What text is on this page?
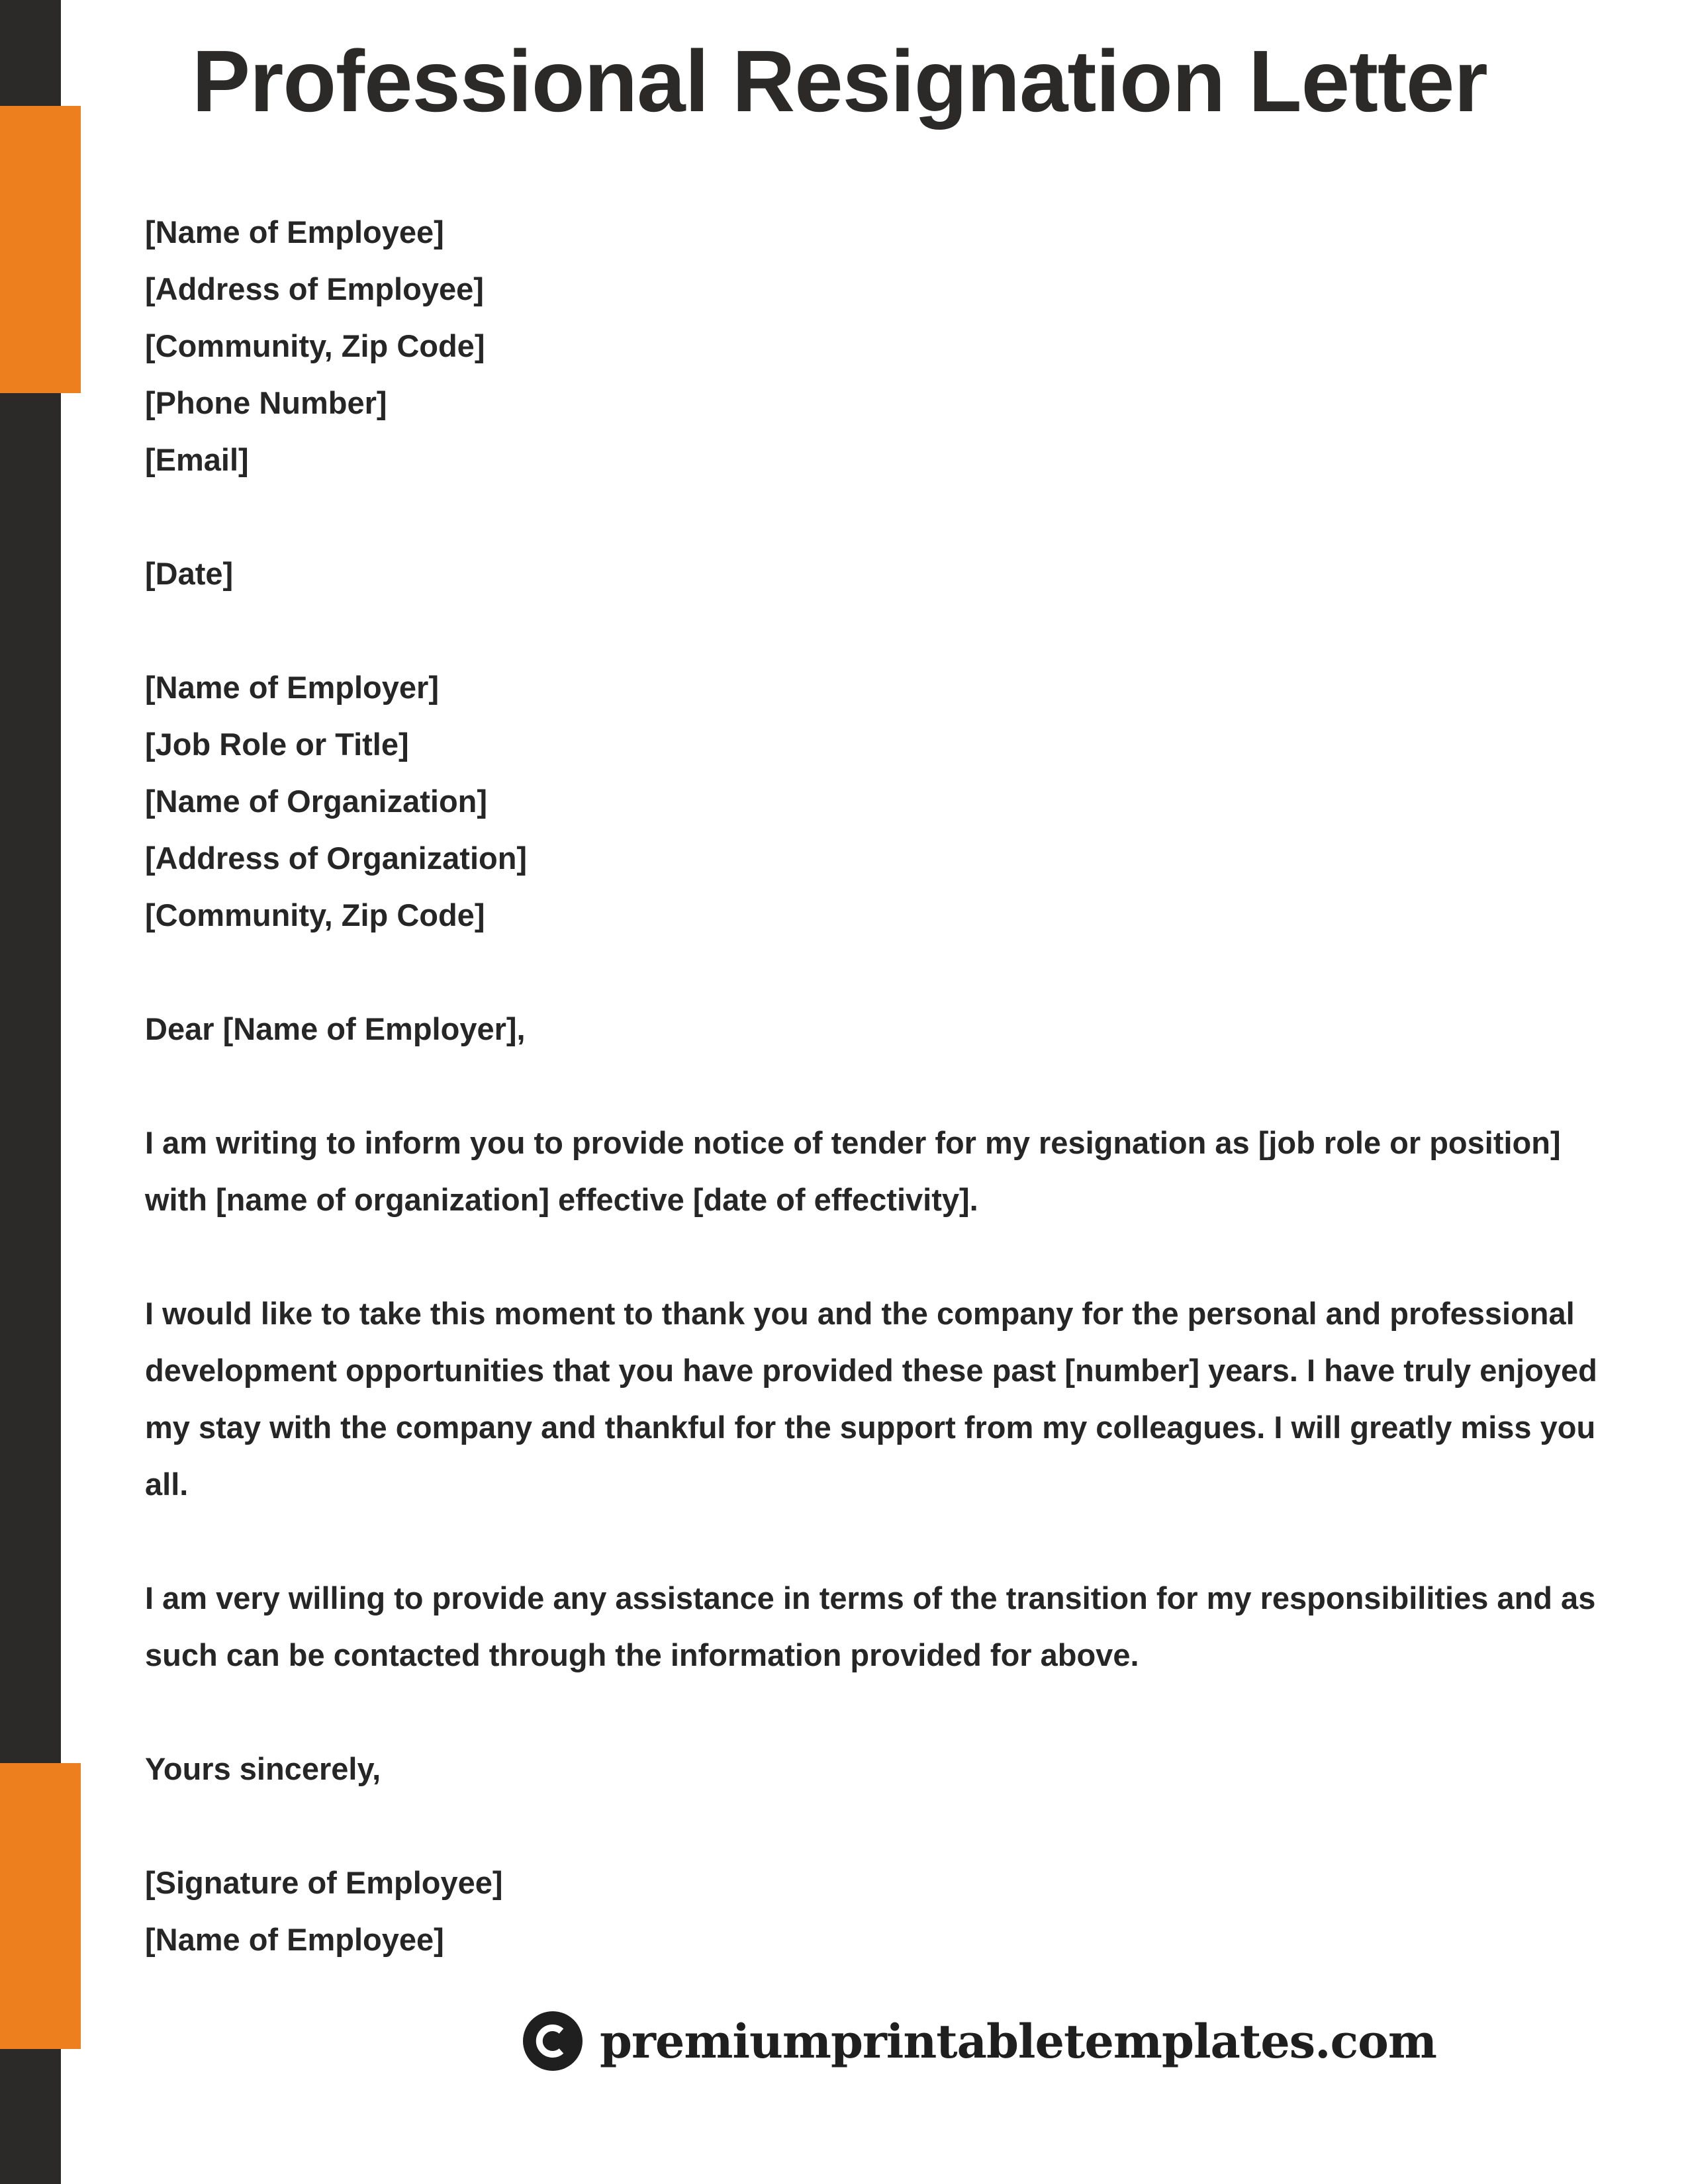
Professional Resignation Letter
[Name of Employee]
[Address of Employee]
[Community, Zip Code]
[Phone Number]
[Email]
[Date]
[Name of Employer]
[Job Role or Title]
[Name of Organization]
[Address of Organization]
[Community, Zip Code]
Dear [Name of Employer],
I am writing to inform you to provide notice of tender for my resignation as [job role or position]
with [name of organization] effective [date of effectivity].
I would like to take this moment to thank you and the company for the personal and professional
development opportunities that you have provided these past [number] years. I have truly enjoyed
my stay with the company and thankful for the support from my colleagues. I will greatly miss you
all.
I am very willing to provide any assistance in terms of the transition for my responsibilities and as
such can be contacted through the information provided for above.
Yours sincerely,
[Signature of Employee]
[Name of Employee]
premiumprintabletemplates.com
